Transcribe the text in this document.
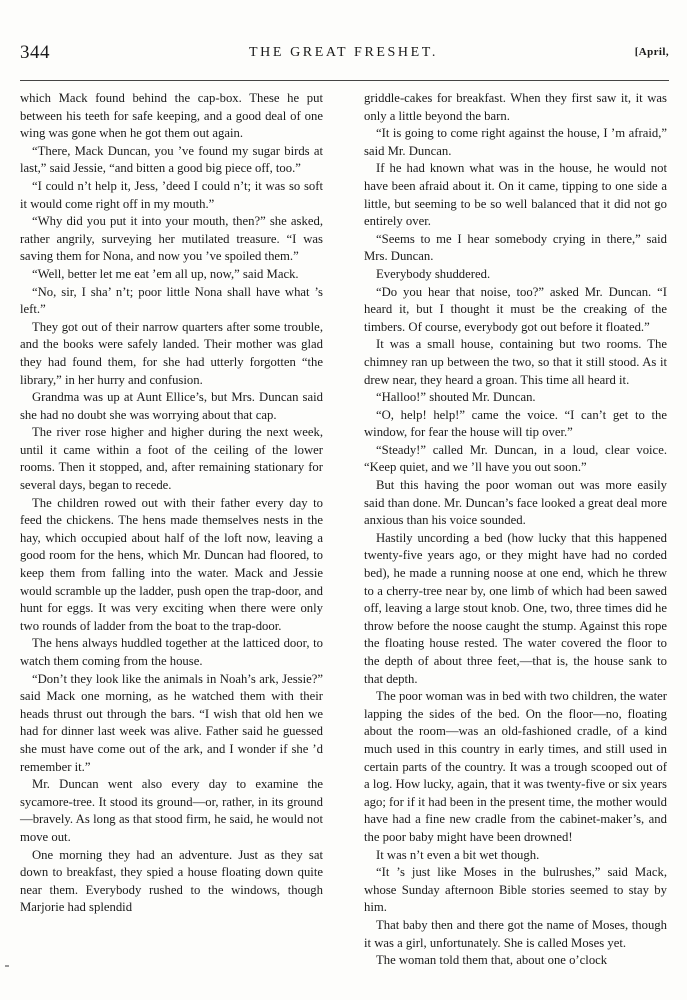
344	THE GREAT FRESHET.	[April,

which Mack found behind the cap-box. These he put between his teeth for safe keeping, and a good deal of one wing was gone when he got them out again.

“There, Mack Duncan, you ’ve found my sugar birds at last,” said Jessie, “and bitten a good big piece off, too.”

“I could n’t help it, Jess, ’deed I could n’t; it was so soft it would come right off in my mouth.”

“Why did you put it into your mouth, then?” she asked, rather angrily, surveying her mutilated treasure. “I was saving them for Nona, and now you ’ve spoiled them.”

“Well, better let me eat ’em all up, now,” said Mack.

“No, sir, I sha’ n’t; poor little Nona shall have what ’s left.”

They got out of their narrow quarters after some trouble, and the books were safely landed. Their mother was glad they had found them, for she had utterly forgotten “the library,” in her hurry and confusion.

Grandma was up at Aunt Ellice’s, but Mrs. Duncan said she had no doubt she was worrying about that cap.

The river rose higher and higher during the next week, until it came within a foot of the ceiling of the lower rooms. Then it stopped, and, after remaining stationary for several days, began to recede.

The children rowed out with their father every day to feed the chickens. The hens made themselves nests in the hay, which occupied about half of the loft now, leaving a good room for the hens, which Mr. Duncan had floored, to keep them from falling into the water. Mack and Jessie would scramble up the ladder, push open the trap-door, and hunt for eggs. It was very exciting when there were only two rounds of ladder from the boat to the trap-door.

The hens always huddled together at the latticed door, to watch them coming from the house.

“Don’t they look like the animals in Noah’s ark, Jessie?” said Mack one morning, as he watched them with their heads thrust out through the bars. “I wish that old hen we had for dinner last week was alive. Father said he guessed she must have come out of the ark, and I wonder if she ’d remember it.”

Mr. Duncan went also every day to examine the sycamore-tree. It stood its ground—or, rather, in its ground—bravely. As long as that stood firm, he said, he would not move out.

One morning they had an adventure. Just as they sat down to breakfast, they spied a house floating down quite near them. Everybody rushed to the windows, though Marjorie had splendid

griddle-cakes for breakfast. When they first saw it, it was only a little beyond the barn.

“It is going to come right against the house, I ’m afraid,” said Mr. Duncan.

If he had known what was in the house, he would not have been afraid about it. On it came, tipping to one side a little, but seeming to be so well balanced that it did not go entirely over.

“Seems to me I hear somebody crying in there,” said Mrs. Duncan.

Everybody shuddered.

“Do you hear that noise, too?” asked Mr. Duncan. “I heard it, but I thought it must be the creaking of the timbers. Of course, everybody got out before it floated.”

It was a small house, containing but two rooms. The chimney ran up between the two, so that it still stood. As it drew near, they heard a groan. This time all heard it.

“Halloo!” shouted Mr. Duncan.

“O, help! help!” came the voice. “I can’t get to the window, for fear the house will tip over.”

“Steady!” called Mr. Duncan, in a loud, clear voice. “Keep quiet, and we ’ll have you out soon.”

But this having the poor woman out was more easily said than done. Mr. Duncan’s face looked a great deal more anxious than his voice sounded.

Hastily uncording a bed (how lucky that this happened twenty-five years ago, or they might have had no corded bed), he made a running noose at one end, which he threw to a cherry-tree near by, one limb of which had been sawed off, leaving a large stout knob. One, two, three times did he throw before the noose caught the stump. Against this rope the floating house rested. The water covered the floor to the depth of about three feet,—that is, the house sank to that depth.

The poor woman was in bed with two children, the water lapping the sides of the bed. On the floor—no, floating about the room—was an old-fashioned cradle, of a kind much used in this country in early times, and still used in certain parts of the country. It was a trough scooped out of a log. How lucky, again, that it was twenty-five or six years ago; for if it had been in the present time, the mother would have had a fine new cradle from the cabinet-maker’s, and the poor baby might have been drowned!

It was n’t even a bit wet though.

“It ’s just like Moses in the bulrushes,” said Mack, whose Sunday afternoon Bible stories seemed to stay by him.

That baby then and there got the name of Moses, though it was a girl, unfortunately. She is called Moses yet.

The woman told them that, about one o’clock
